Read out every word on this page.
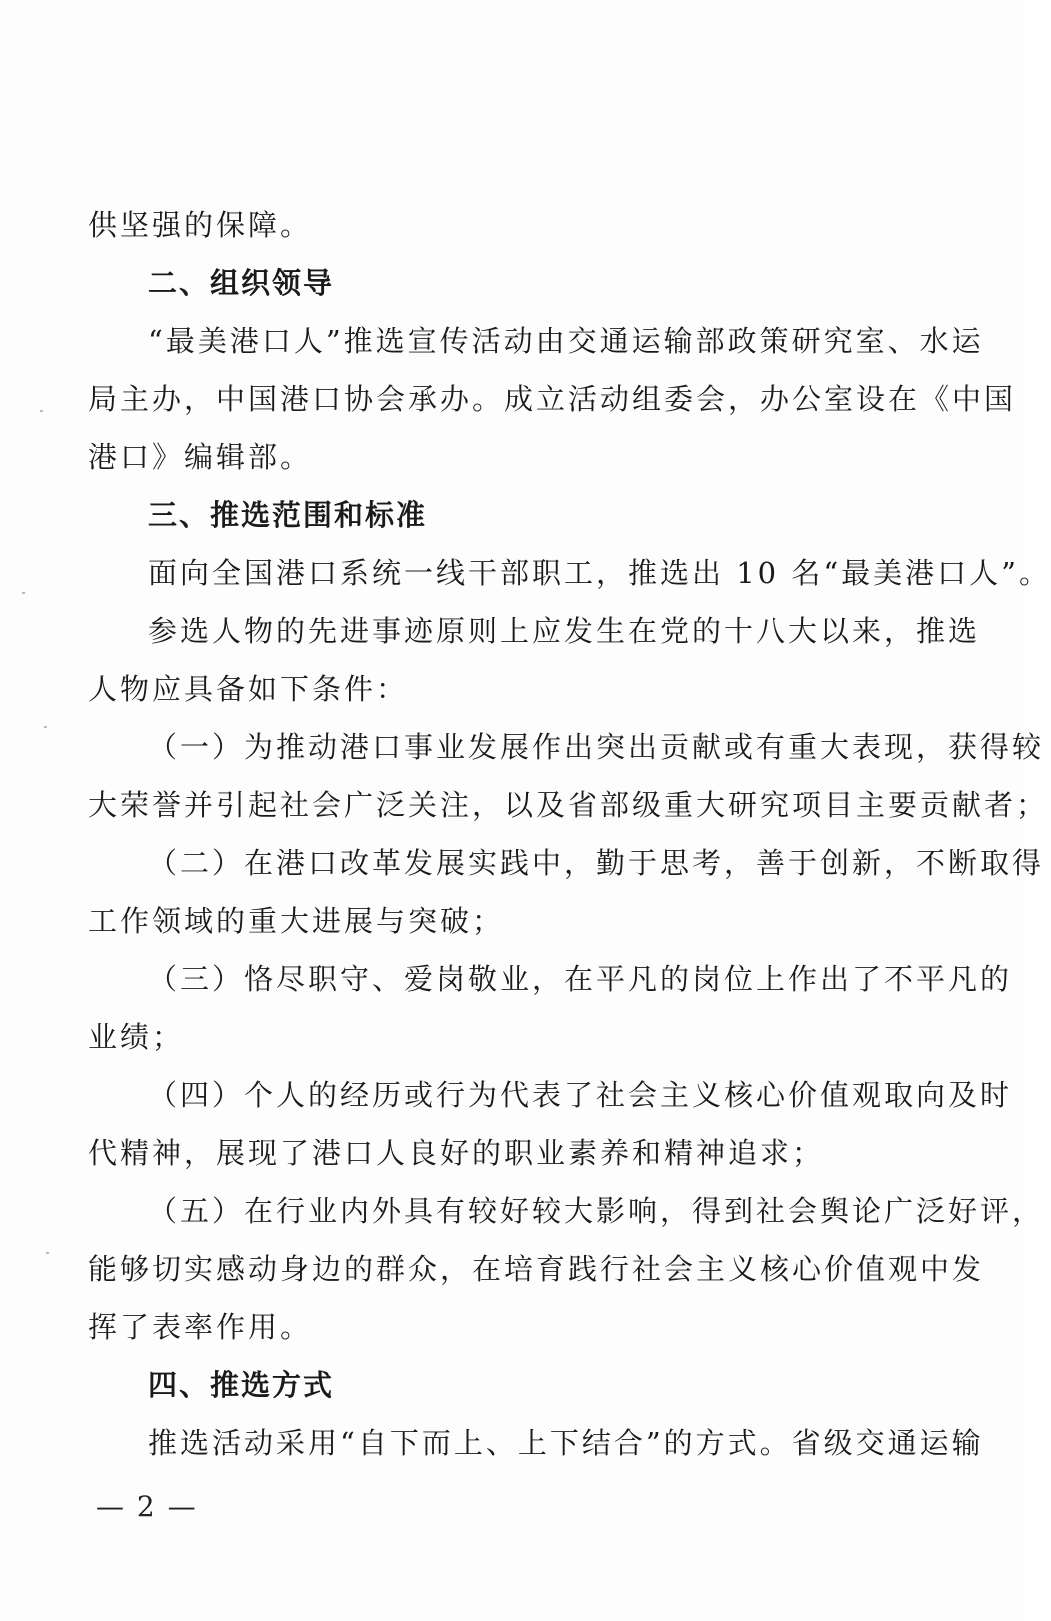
供坚强的保障。
二、组织领导
“最美港口人”推选宣传活动由交通运输部政策研究室、水运
局主办，中国港口协会承办。成立活动组委会，办公室设在《中国
港口》编辑部。
三、推选范围和标准
面向全国港口系统一线干部职工，推选出 10 名“最美港口人”。
参选人物的先进事迹原则上应发生在党的十八大以来，推选
人物应具备如下条件：
（一）为推动港口事业发展作出突出贡献或有重大表现，获得较
大荣誉并引起社会广泛关注，以及省部级重大研究项目主要贡献者；
（二）在港口改革发展实践中，勤于思考，善于创新，不断取得
工作领域的重大进展与突破；
（三）恪尽职守、爱岗敬业，在平凡的岗位上作出了不平凡的
业绩；
（四）个人的经历或行为代表了社会主义核心价值观取向及时
代精神，展现了港口人良好的职业素养和精神追求；
（五）在行业内外具有较好较大影响，得到社会舆论广泛好评，
能够切实感动身边的群众，在培育践行社会主义核心价值观中发
挥了表率作用。
四、推选方式
推选活动采用“自下而上、上下结合”的方式。省级交通运输
— 2 —
